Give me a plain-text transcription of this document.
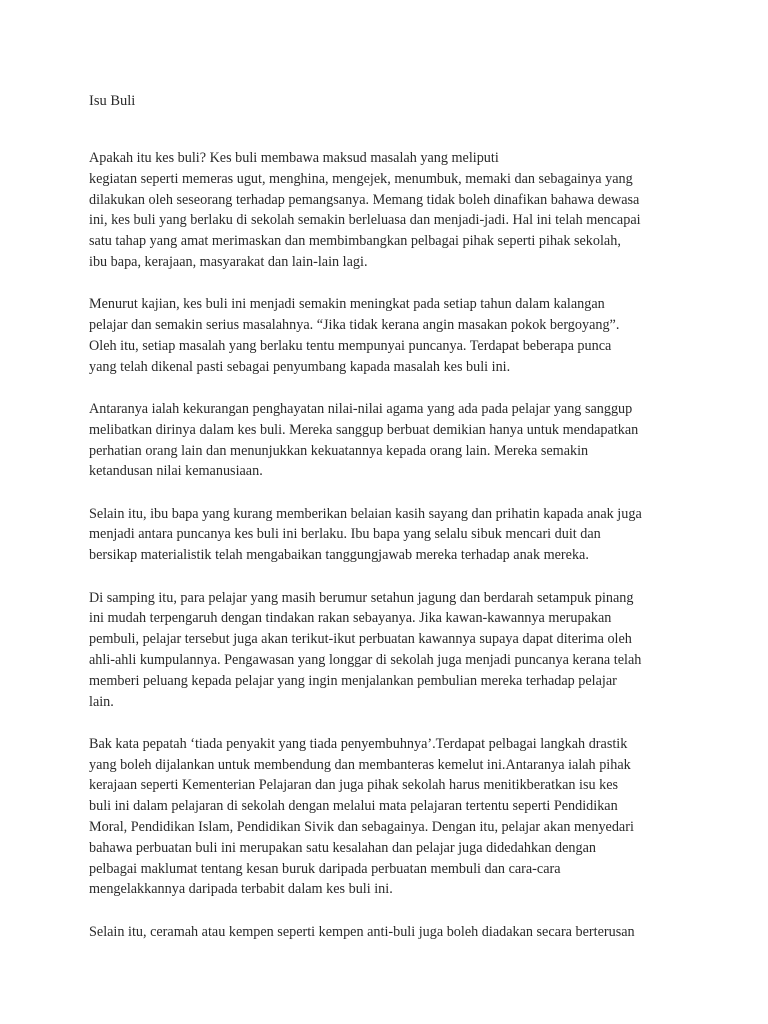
Isu Buli

Apakah itu kes buli? Kes buli membawa maksud masalah yang meliputi
kegiatan seperti memeras ugut, menghina, mengejek, menumbuk, memaki dan sebagainya yang
dilakukan oleh seseorang terhadap pemangsanya. Memang tidak boleh dinafikan bahawa dewasa
ini, kes buli yang berlaku di sekolah semakin berleluasa dan menjadi-jadi. Hal ini telah mencapai
satu tahap yang amat merimaskan dan membimbangkan pelbagai pihak seperti pihak sekolah,
ibu bapa, kerajaan, masyarakat dan lain-lain lagi.

Menurut kajian, kes buli ini menjadi semakin meningkat pada setiap tahun dalam kalangan
pelajar dan semakin serius masalahnya. “Jika tidak kerana angin masakan pokok bergoyang”.
Oleh itu, setiap masalah yang berlaku tentu mempunyai puncanya. Terdapat beberapa punca
yang telah dikenal pasti sebagai penyumbang kapada masalah kes buli ini.

Antaranya ialah kekurangan penghayatan nilai-nilai agama yang ada pada pelajar yang sanggup
melibatkan dirinya dalam kes buli. Mereka sanggup berbuat demikian hanya untuk mendapatkan
perhatian orang lain dan menunjukkan kekuatannya kepada orang lain. Mereka semakin
ketandusan nilai kemanusiaan.

Selain itu, ibu bapa yang kurang memberikan belaian kasih sayang dan prihatin kapada anak juga
menjadi antara puncanya kes buli ini berlaku. Ibu bapa yang selalu sibuk mencari duit dan
bersikap materialistik telah mengabaikan tanggungjawab mereka terhadap anak mereka.

Di samping itu, para pelajar yang masih berumur setahun jagung dan berdarah setampuk pinang
ini mudah terpengaruh dengan tindakan rakan sebayanya. Jika kawan-kawannya merupakan
pembuli, pelajar tersebut juga akan terikut-ikut perbuatan kawannya supaya dapat diterima oleh
ahli-ahli kumpulannya. Pengawasan yang longgar di sekolah juga menjadi puncanya kerana telah
memberi peluang kepada pelajar yang ingin menjalankan pembulian mereka terhadap pelajar
lain.

Bak kata pepatah ‘tiada penyakit yang tiada penyembuhnya’.Terdapat pelbagai langkah drastik
yang boleh dijalankan untuk membendung dan membanteras kemelut ini.Antaranya ialah pihak
kerajaan seperti Kementerian Pelajaran dan juga pihak sekolah harus menitikberatkan isu kes
buli ini dalam pelajaran di sekolah dengan melalui mata pelajaran tertentu seperti Pendidikan
Moral, Pendidikan Islam, Pendidikan Sivik dan sebagainya. Dengan itu, pelajar akan menyedari
bahawa perbuatan buli ini merupakan satu kesalahan dan pelajar juga didedahkan dengan
pelbagai maklumat tentang kesan buruk daripada perbuatan membuli dan cara-cara
mengelakkannya daripada terbabit dalam kes buli ini.

Selain itu, ceramah atau kempen seperti kempen anti-buli juga boleh diadakan secara berterusan
